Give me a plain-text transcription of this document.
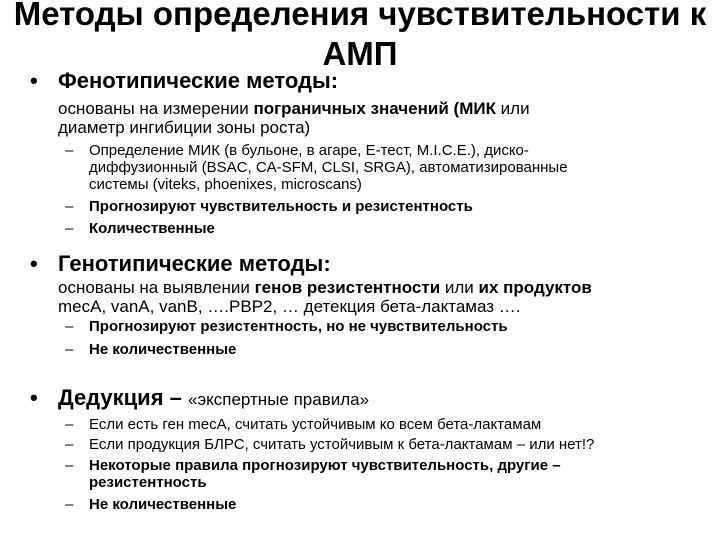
Методы определения чувствительности к
АМП
• Фенотипические методы:
основаны на измерении пограничных значений (МИК или
диаметр ингибиции зоны роста)
– Определение МИК (в бульоне, в агаре, Е-тест, M.I.C.E.), диско-
диффузионный (BSAC, CA-SFM, CLSI, SRGA), автоматизированные
системы (viteks, phoenixes, microscans)
– Прогнозируют чувствительность и резистентность
– Количественные
• Генотипические методы:
основаны на выявлении генов резистентности или их продуктов
mecA, vanA, vanB, ….PBP2, … детекция бета-лактамаз ….
– Прогнозируют резистентность, но не чувствительность
– Не количественные
• Дедукция – «экспертные правила»
– Если есть ген mecA, считать устойчивым ко всем бета-лактамам
– Если продукция БЛРС, считать устойчивым к бета-лактамам – или нет!?
– Некоторые правила прогнозируют чувствительность, другие –
резистентность
– Не количественные
